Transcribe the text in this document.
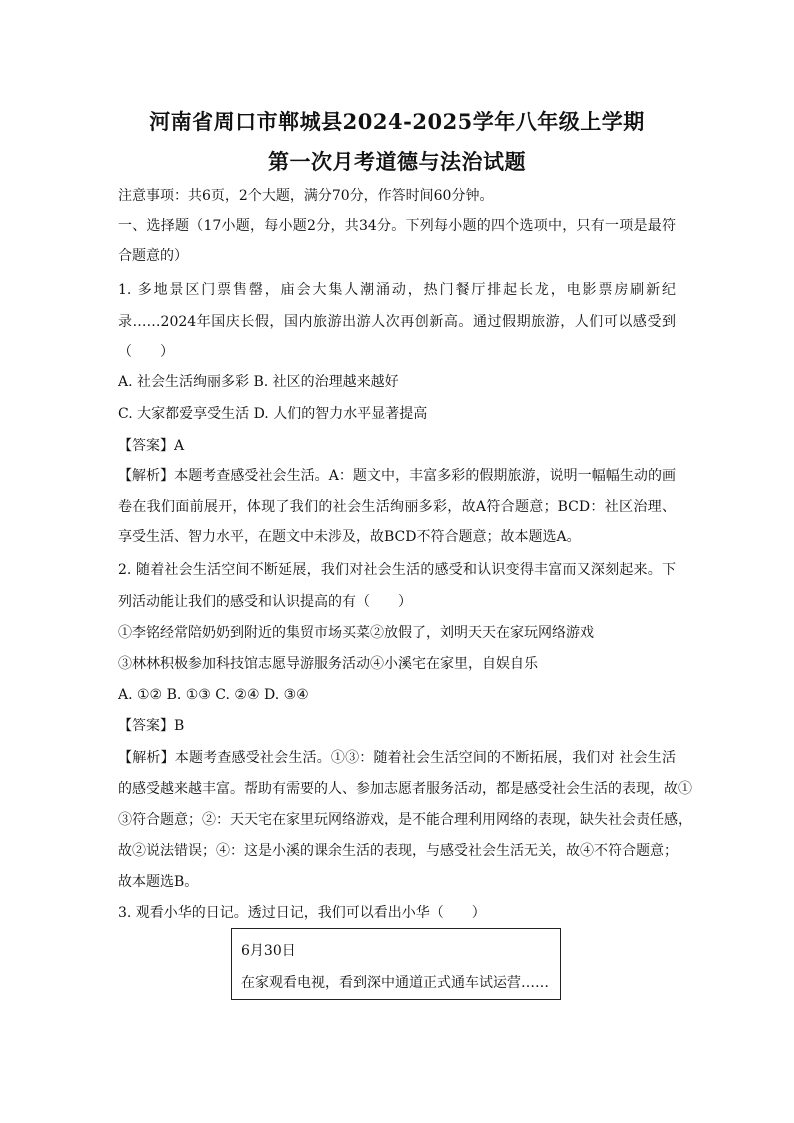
河南省周口市郸城县2024-2025学年八年级上学期
第一次月考道德与法治试题
注意事项：共6页，2个大题，满分70分，作答时间60分钟。
一、选择题（17小题，每小题2分，共34分。下列每小题的四个选项中，只有一项是最符
合题意的）
1. 多地景区门票售罄，庙会大集人潮涌动，热门餐厅排起长龙，电影票房刷新纪
录……2024年国庆长假，国内旅游出游人次再创新高。通过假期旅游，人们可以感受到
（　　）
A. 社会生活绚丽多彩 B. 社区的治理越来越好
C. 大家都爱享受生活 D. 人们的智力水平显著提高
【答案】A
【解析】本题考查感受社会生活。A：题文中，丰富多彩的假期旅游，说明一幅幅生动的画
卷在我们面前展开，体现了我们的社会生活绚丽多彩，故A符合题意；BCD：社区治理、
享受生活、智力水平，在题文中未涉及，故BCD不符合题意；故本题选A。
2. 随着社会生活空间不断延展，我们对社会生活的感受和认识变得丰富而又深刻起来。下
列活动能让我们的感受和认识提高的有（　　）
①李铭经常陪奶奶到附近的集贸市场买菜②放假了，刘明天天在家玩网络游戏
③林林积极参加科技馆志愿导游服务活动④小溪宅在家里，自娱自乐
A. ①② B. ①③ C. ②④ D. ③④
【答案】B
【解析】本题考查感受社会生活。①③：随着社会生活空间的不断拓展，我们对 社会生活
的感受越来越丰富。帮助有需要的人、参加志愿者服务活动，都是感受社会生活的表现，故①
③符合题意；②：天天宅在家里玩网络游戏，是不能合理利用网络的表现，缺失社会责任感，
故②说法错误；④：这是小溪的课余生活的表现，与感受社会生活无关，故④不符合题意；
故本题选B。
3. 观看小华的日记。透过日记，我们可以看出小华（　　）
6月30日
在家观看电视，看到深中通道正式通车试运营……
